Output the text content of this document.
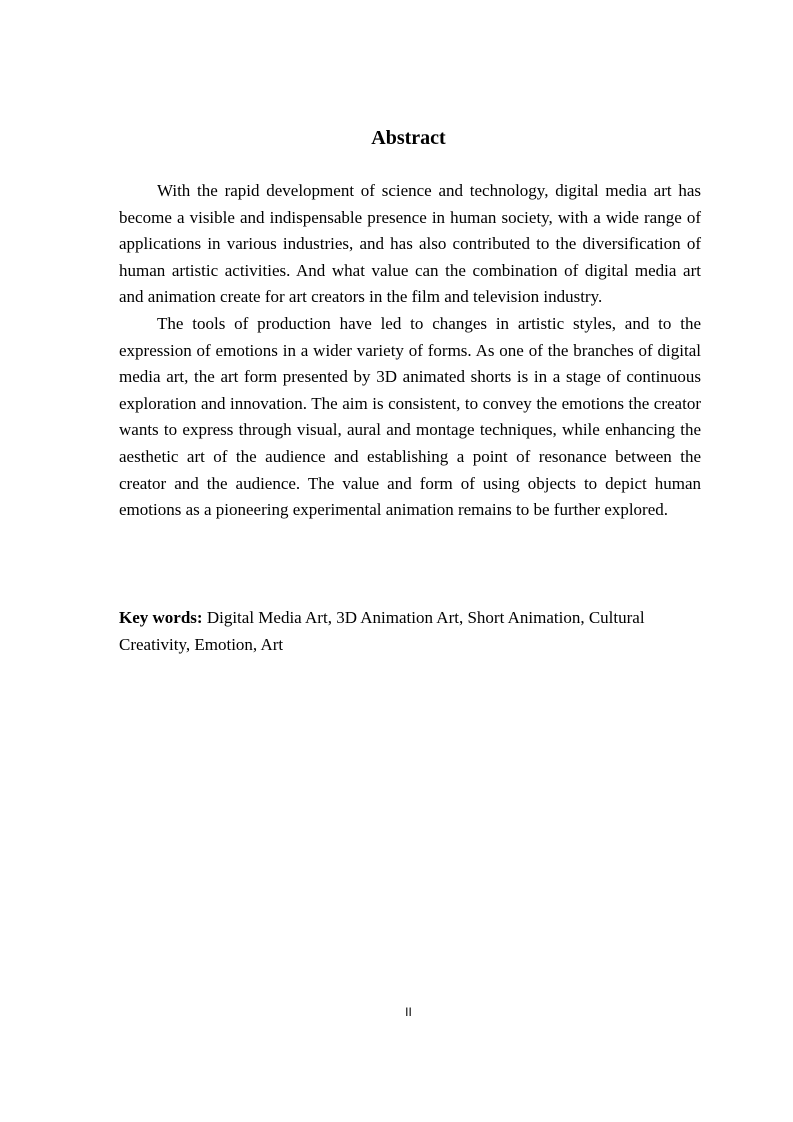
Abstract

With the rapid development of science and technology, digital media art has become a visible and indispensable presence in human society, with a wide range of applications in various industries, and has also contributed to the diversification of human artistic activities. And what value can the combination of digital media art and animation create for art creators in the film and television industry.

The tools of production have led to changes in artistic styles, and to the expression of emotions in a wider variety of forms. As one of the branches of digital media art, the art form presented by 3D animated shorts is in a stage of continuous exploration and innovation. The aim is consistent, to convey the emotions the creator wants to express through visual, aural and montage techniques, while enhancing the aesthetic art of the audience and establishing a point of resonance between the creator and the audience. The value and form of using objects to depict human emotions as a pioneering experimental animation remains to be further explored.

Key words: Digital Media Art, 3D Animation Art, Short Animation, Cultural Creativity, Emotion, Art

II
